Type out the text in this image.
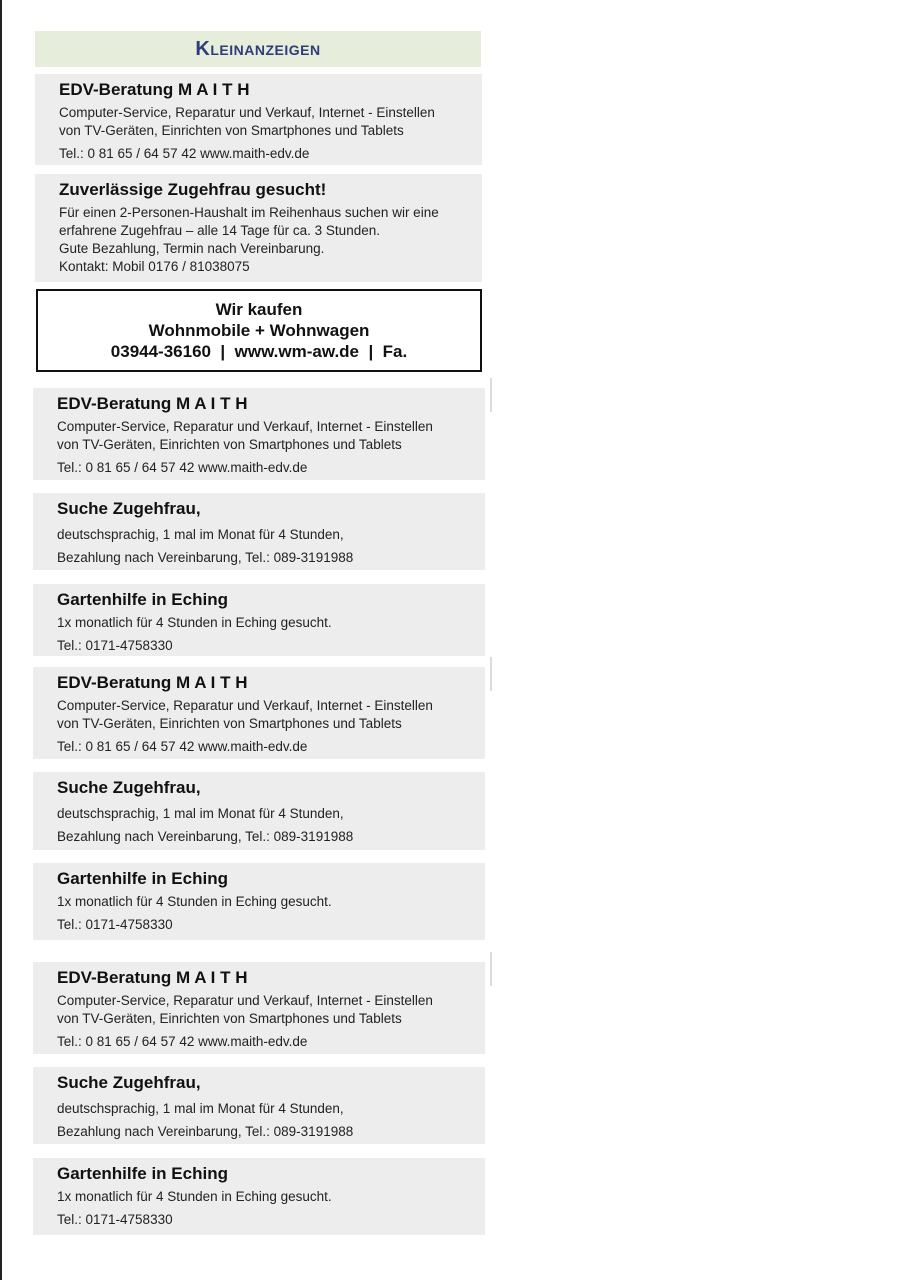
Kleinanzeigen
EDV-Beratung M A I T H
Computer-Service, Reparatur und Verkauf, Internet - Einstellen
von TV-Geräten, Einrichten von Smartphones und Tablets
Tel.: 0 81 65 / 64 57 42 www.maith-edv.de
Zuverlässige Zugehfrau gesucht!
Für einen 2-Personen-Haushalt im Reihenhaus suchen wir eine
erfahrene Zugehfrau – alle 14 Tage für ca. 3 Stunden.
Gute Bezahlung, Termin nach Vereinbarung.
Kontakt: Mobil 0176 / 81038075
Wir kaufen
Wohnmobile + Wohnwagen
03944-36160  |  www.wm-aw.de  |  Fa.
EDV-Beratung M A I T H
Computer-Service, Reparatur und Verkauf, Internet - Einstellen
von TV-Geräten, Einrichten von Smartphones und Tablets
Tel.: 0 81 65 / 64 57 42 www.maith-edv.de
Suche Zugehfrau,
deutschsprachig, 1 mal im Monat für 4 Stunden,
Bezahlung nach Vereinbarung, Tel.: 089-3191988
Gartenhilfe in Eching
1x monatlich für 4 Stunden in Eching gesucht.
Tel.: 0171-4758330
EDV-Beratung M A I T H
Computer-Service, Reparatur und Verkauf, Internet - Einstellen
von TV-Geräten, Einrichten von Smartphones und Tablets
Tel.: 0 81 65 / 64 57 42 www.maith-edv.de
Suche Zugehfrau,
deutschsprachig, 1 mal im Monat für 4 Stunden,
Bezahlung nach Vereinbarung, Tel.: 089-3191988
Gartenhilfe in Eching
1x monatlich für 4 Stunden in Eching gesucht.
Tel.: 0171-4758330
EDV-Beratung M A I T H
Computer-Service, Reparatur und Verkauf, Internet - Einstellen
von TV-Geräten, Einrichten von Smartphones und Tablets
Tel.: 0 81 65 / 64 57 42 www.maith-edv.de
Suche Zugehfrau,
deutschsprachig, 1 mal im Monat für 4 Stunden,
Bezahlung nach Vereinbarung, Tel.: 089-3191988
Gartenhilfe in Eching
1x monatlich für 4 Stunden in Eching gesucht.
Tel.: 0171-4758330
